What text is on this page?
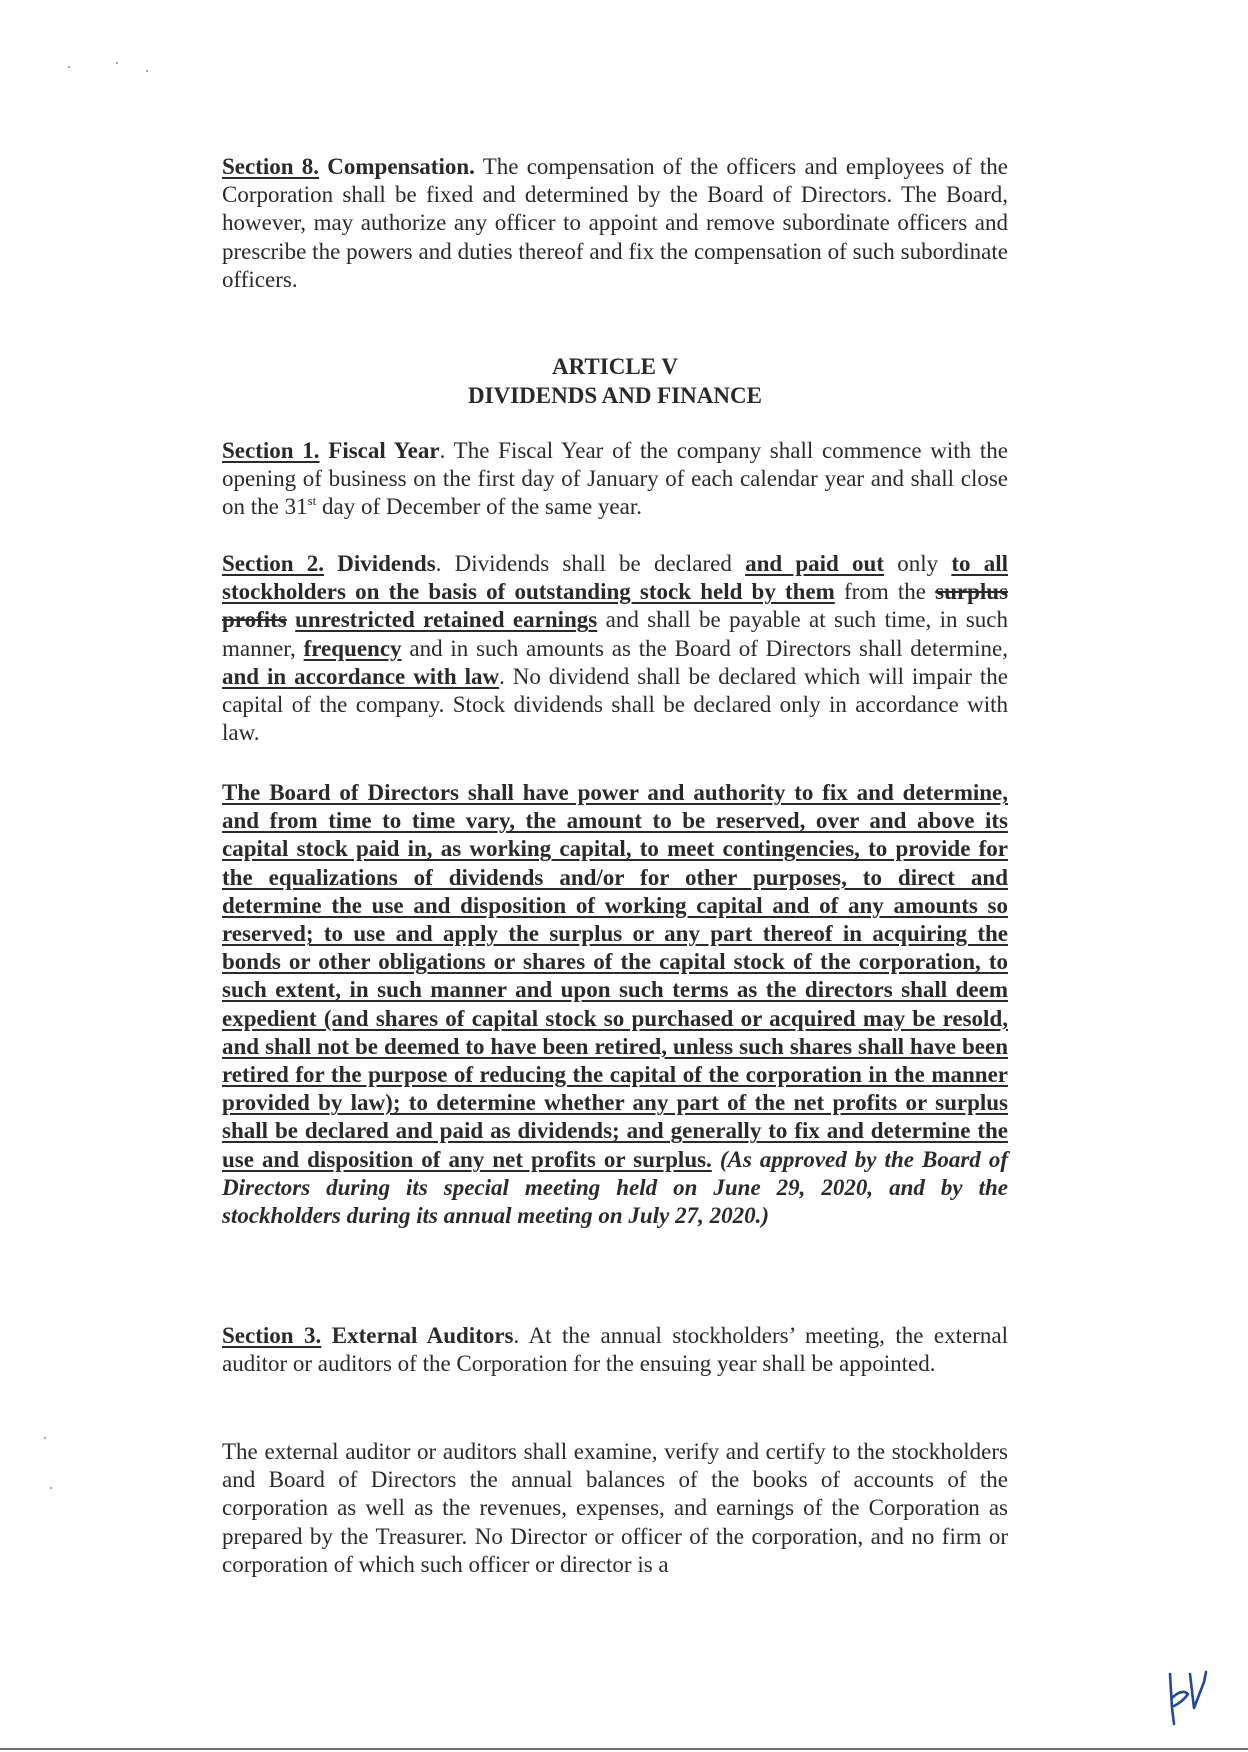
Section 8. Compensation. The compensation of the officers and employees of the Corporation shall be fixed and determined by the Board of Directors. The Board, however, may authorize any officer to appoint and remove subordinate officers and prescribe the powers and duties thereof and fix the compensation of such subordinate officers.

ARTICLE V
DIVIDENDS AND FINANCE

Section 1. Fiscal Year. The Fiscal Year of the company shall commence with the opening of business on the first day of January of each calendar year and shall close on the 31st day of December of the same year.

Section 2. Dividends. Dividends shall be declared and paid out only to all stockholders on the basis of outstanding stock held by them from the surplus profits unrestricted retained earnings and shall be payable at such time, in such manner, frequency and in such amounts as the Board of Directors shall determine, and in accordance with law. No dividend shall be declared which will impair the capital of the company. Stock dividends shall be declared only in accordance with law.

The Board of Directors shall have power and authority to fix and determine, and from time to time vary, the amount to be reserved, over and above its capital stock paid in, as working capital, to meet contingencies, to provide for the equalizations of dividends and/or for other purposes, to direct and determine the use and disposition of working capital and of any amounts so reserved; to use and apply the surplus or any part thereof in acquiring the bonds or other obligations or shares of the capital stock of the corporation, to such extent, in such manner and upon such terms as the directors shall deem expedient (and shares of capital stock so purchased or acquired may be resold, and shall not be deemed to have been retired, unless such shares shall have been retired for the purpose of reducing the capital of the corporation in the manner provided by law); to determine whether any part of the net profits or surplus shall be declared and paid as dividends; and generally to fix and determine the use and disposition of any net profits or surplus. (As approved by the Board of Directors during its special meeting held on June 29, 2020, and by the stockholders during its annual meeting on July 27, 2020.)

Section 3. External Auditors. At the annual stockholders’ meeting, the external auditor or auditors of the Corporation for the ensuing year shall be appointed.

The external auditor or auditors shall examine, verify and certify to the stockholders and Board of Directors the annual balances of the books of accounts of the corporation as well as the revenues, expenses, and earnings of the Corporation as prepared by the Treasurer. No Director or officer of the corporation, and no firm or corporation of which such officer or director is a
